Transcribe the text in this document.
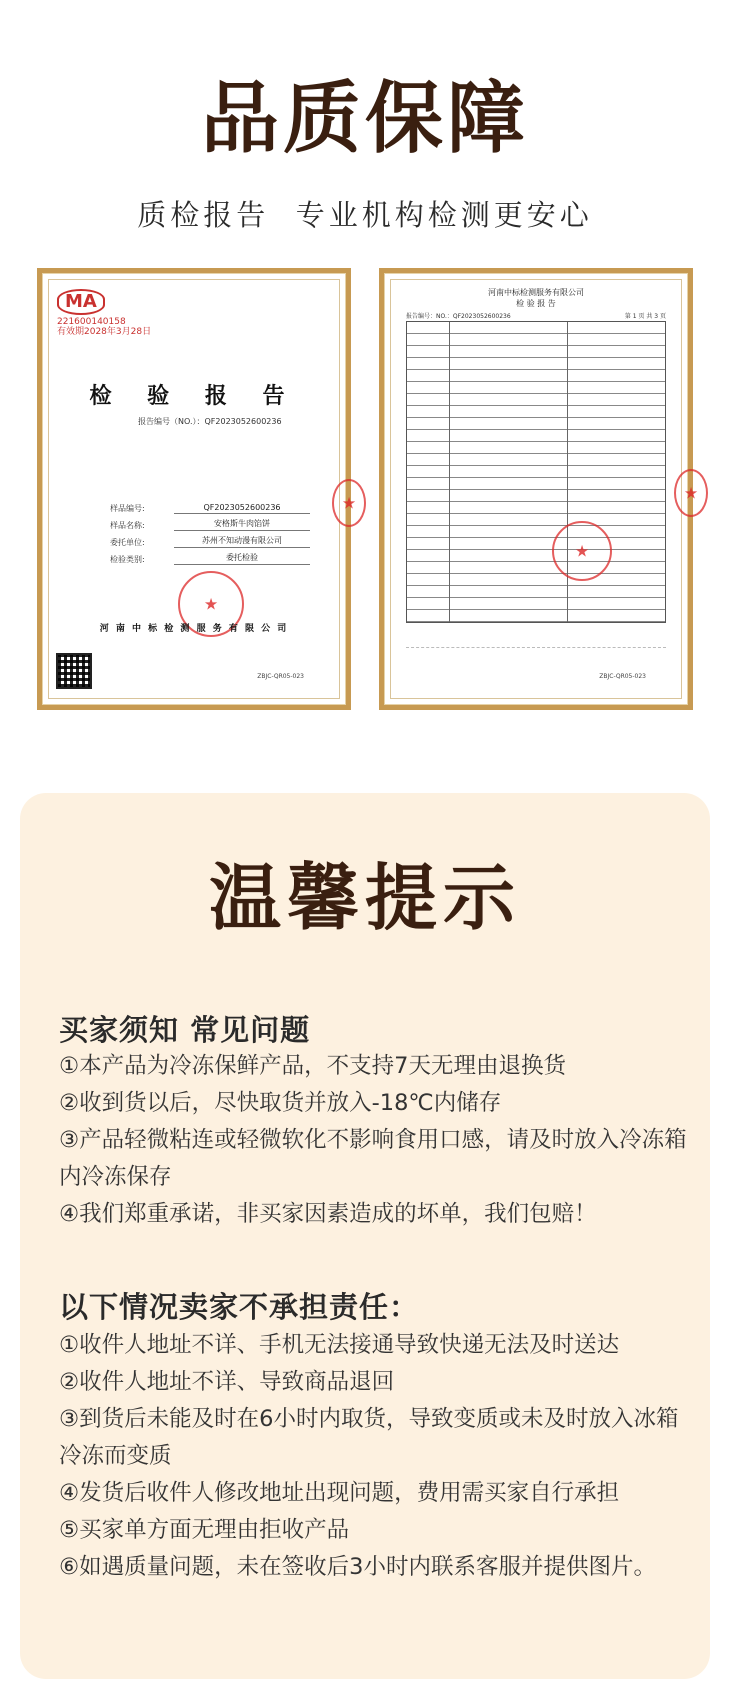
品质保障
质检报告  专业机构检测更安心
MA
221600140158
有效期2028年3月28日
检 验 报 告
报告编号（NO.）：QF2023052600236
样品编号:	QF2023052600236
样品名称:	安格斯牛肉馅饼
委托单位:	苏州不知动漫有限公司
检验类别:	委托检验
★
★
河 南 中 标 检 测 服 务 有 限 公 司
ZBJC-QR05-023
河南中标检测服务有限公司
检 验 报 告
报告编号：NO.：QF2023052600236	第 1 页 共 3 页
★
★
ZBJC-QR05-023
温馨提示
买家须知 常见问题
①本产品为冷冻保鲜产品，不支持7天无理由退换货
②收到货以后，尽快取货并放入-18℃内储存
③产品轻微粘连或轻微软化不影响食用口感，请及时放入冷冻箱内冷冻保存
④我们郑重承诺，非买家因素造成的坏单，我们包赔！
以下情况卖家不承担责任：
①收件人地址不详、手机无法接通导致快递无法及时送达
②收件人地址不详、导致商品退回
③到货后未能及时在6小时内取货，导致变质或未及时放入冰箱冷冻而变质
④发货后收件人修改地址出现问题，费用需买家自行承担
⑤买家单方面无理由拒收产品
⑥如遇质量问题，未在签收后3小时内联系客服并提供图片。
